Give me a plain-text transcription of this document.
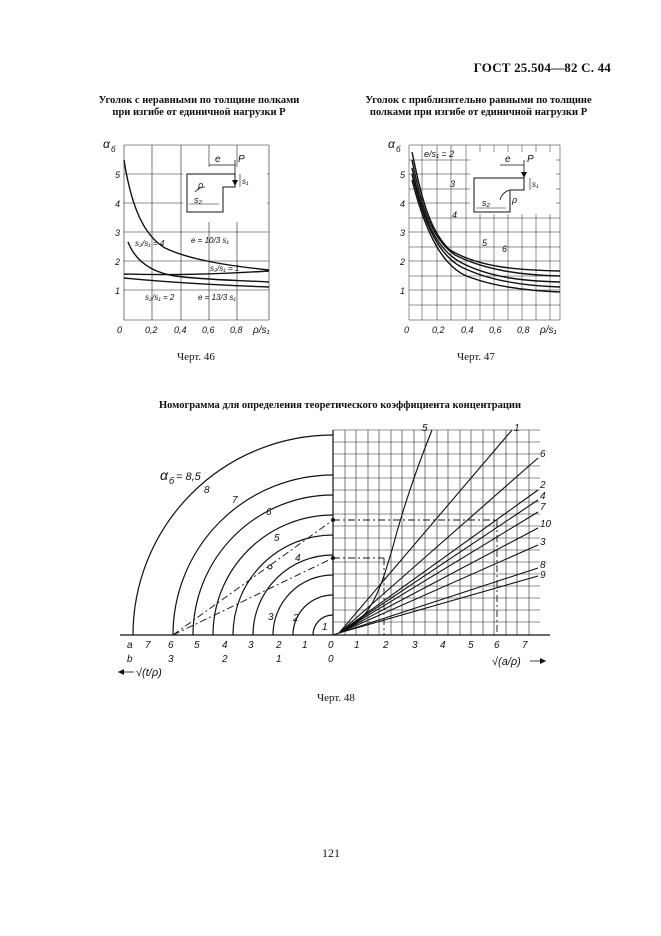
ГОСТ 25.504—82 С. 44
Уголок с неравными по толщине полками
при изгибе от единичной нагрузки P
Уголок с приблизительно равными по толщине
полками при изгибе от единичной нагрузки P
α б
1
2
3
4
5
0	0,2 0,4 0,6 0,8 ρ/s₁
e P
ρ
s₂
s₁
s₂/s₁ = 4	e = 10/3 s₁
s₂/s₁ = 1
s₂/s₁ = 2	e = 13/3 s₁
Черт. 46
α б
1
2
3
4
5
0	0,2 0,4 0,6 0,8 ρ/s₁
e P
ρ
s₂
s₁
e/s₁ = 2
3
4
5
6
Черт. 47
Номограмма для определения теоретического коэффициента концентрации
α б = 8,5
1
2
3
4
5
6
7
8
5	1
6
2
4
7
10
3
8
9
a 7 6 5 4 3 2 1 0
b	3	2	1	0
1 2 3 4 5 6 7
√(t/ρ)
√(a/ρ)
Черт. 48
121
